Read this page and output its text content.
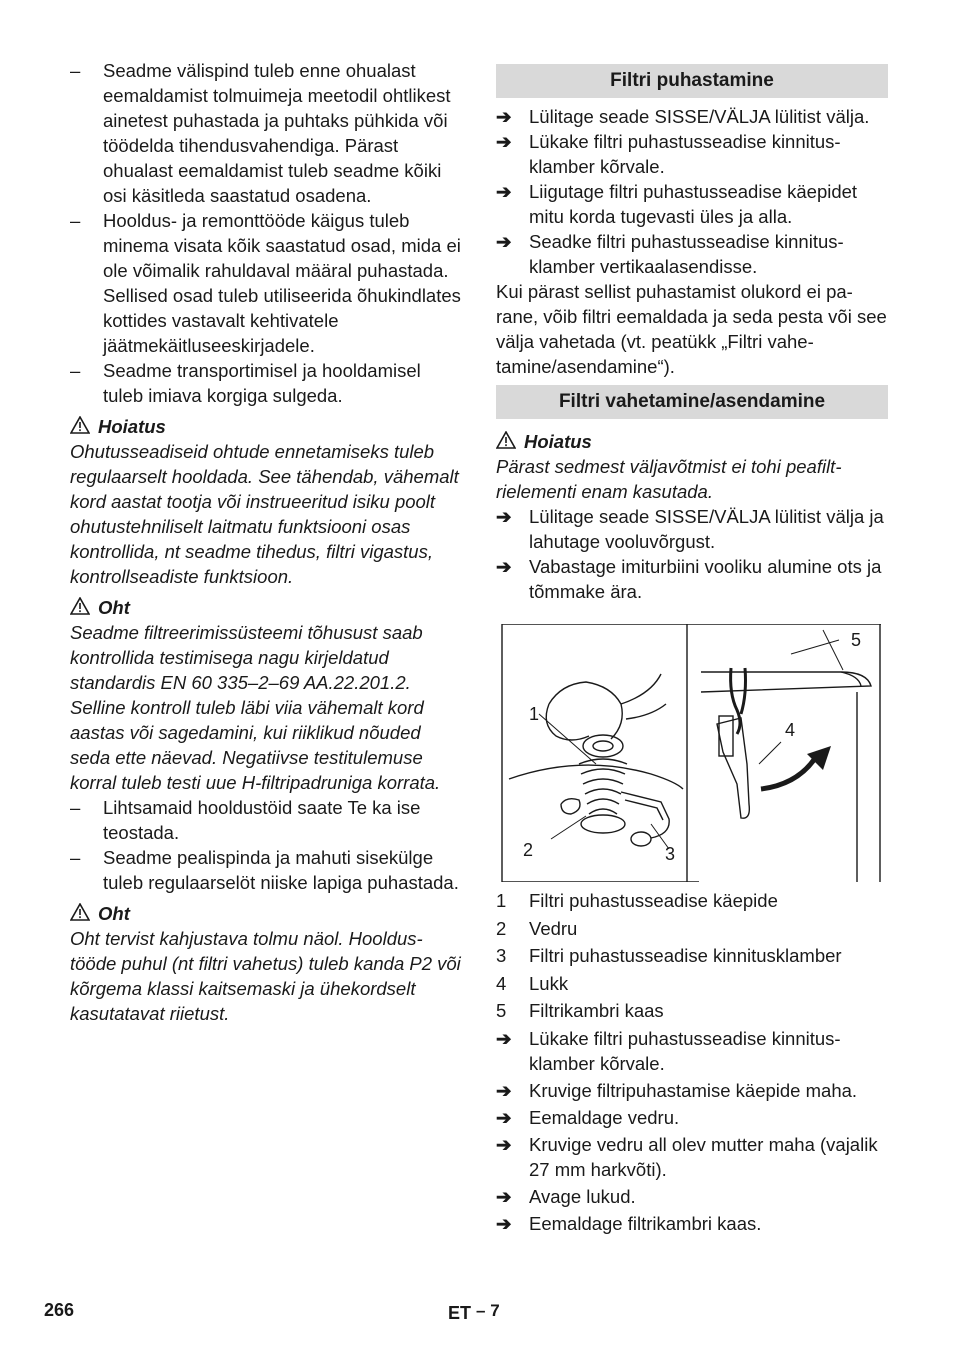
– Seadme välispind tuleb enne ohualast eemaldamist tolmuimeja meetodil ohtlikest ainetest puhastada ja puhtaks pühkida või töödelda tihendusvahendiga. Pärast ohualast eemaldamist tuleb seadme kõiki osi käsitleda saastatud osadena.

– Hooldus- ja remonttööde käigus tuleb minema visata kõik saastatud osad, mida ei ole võimalik rahuldaval määral puhastada. Sellised osad tuleb utiliseerida õhukindlates kottides vastavalt kehtivatele jäätmekäitluseeskirjadele.

– Seadme transportimisel ja hooldamisel tuleb imiava korgiga sulgeda.

Hoiatus

Ohutusseadiseid ohtude ennetamiseks tuleb regulaarselt hooldada. See tähendab, vähemalt kord aastat tootja või instrueeritud isiku poolt ohutustehniliselt laitmatu funktsiooni osas kontrollida, nt seadme tihedus, filtri vigastus, kontrollseadiste funktsioon.

Oht

Seadme filtreerimissüsteemi tõhusust saab kontrollida testimisega nagu kirjeldatud standardis EN 60 335–2–69 AA.22.201.2. Selline kontroll tuleb läbi viia vähemalt kord aastas või sagedamini, kui riiklikud nõuded seda ette näevad. Negatiivse testitulemuse korral tuleb testi uue H-filtripadruniga korrata.

– Lihtsamaid hooldustöid saate Te ka ise teostada.

– Seadme pealispinda ja mahuti sisekülge tuleb regulaarselöt niiske lapiga puhastada.

Oht

Oht tervist kahjustava tolmu näol. Hooldustööde puhul (nt filtri vahetus) tuleb kanda P2 või kõrgema klassi kaitsemaski ja ühekordselt kasutatavat riietust.

Filtri puhastamine

➔ Lülitage seade SISSE/VÄLJA lülitist välja.

➔ Lükake filtri puhastusseadise kinnitusklamber kõrvale.

➔ Liigutage filtri puhastusseadise käepidet mitu korda tugevasti üles ja alla.

➔ Seadke filtri puhastusseadise kinnitusklamber vertikaalasendisse.

Kui pärast sellist puhastamist olukord ei parane, võib filtri eemaldada ja seda pesta või see välja vahetada (vt. peatükk „Filtri vahetamine/asendamine“).

Filtri vahetamine/asendamine
Hoiatus

Pärast sedmest väljavõtmist ei tohi peafiltrielementi enam kasutada.

➔ Lülitage seade SISSE/VÄLJA lülitist välja ja lahutage vooluvõrgust.

➔ Vabastage imiturbiini vooliku alumine ots ja tõmmake ära.

1
2	3
4
5

1 Filtri puhastusseadise käepide

2 Vedru

3 Filtri puhastusseadise kinnitusklamber

4 Lukk

5 Filtrikambri kaas

➔ Lükake filtri puhastusseadise kinnitusklamber kõrvale.

➔ Kruvige filtripuhastamise käepide maha.

➔ Eemaldage vedru.

➔ Kruvige vedru all olev mutter maha (vajalik 27 mm harkvõti).

➔ Avage lukud.

➔ Eemaldage filtrikambri kaas.

266	ET – 7
